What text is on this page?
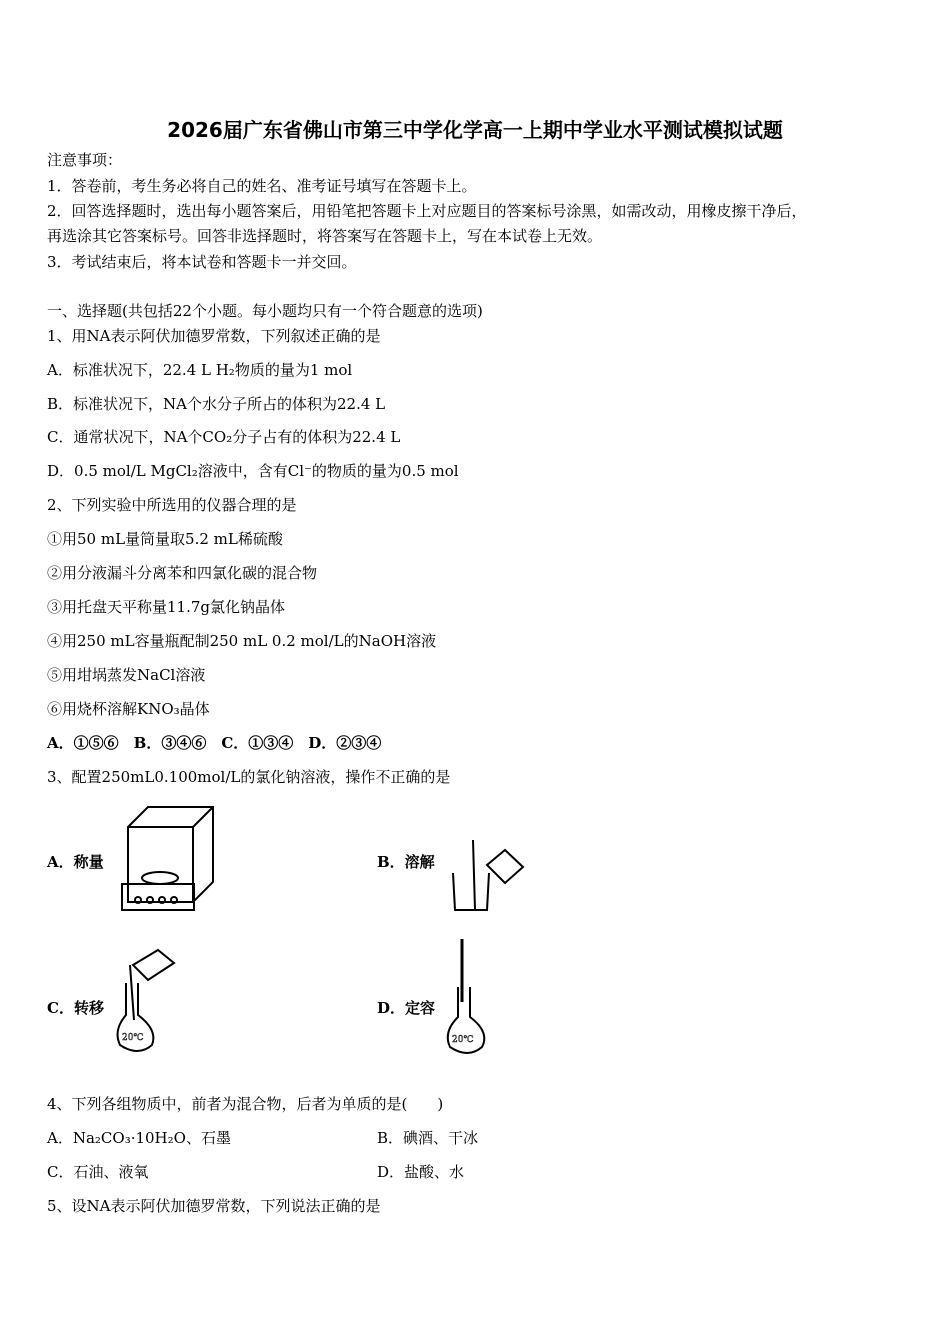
2026届广东省佛山市第三中学化学高一上期中学业水平测试模拟试题
注意事项：
1．答卷前，考生务必将自己的姓名、准考证号填写在答题卡上。
2．回答选择题时，选出每小题答案后，用铅笔把答题卡上对应题目的答案标号涂黑，如需改动，用橡皮擦干净后，
再选涂其它答案标号。回答非选择题时，将答案写在答题卡上，写在本试卷上无效。
3．考试结束后，将本试卷和答题卡一并交回。
一、选择题(共包括22个小题。每小题均只有一个符合题意的选项)
1、用NA表示阿伏加德罗常数，下列叙述正确的是
A．标准状况下，22.4 L H₂物质的量为1 mol
B．标准状况下，NA个水分子所占的体积为22.4 L
C．通常状况下，NA个CO₂分子占有的体积为22.4 L
D．0.5 mol/L MgCl₂溶液中，含有Cl⁻的物质的量为0.5 mol
2、下列实验中所选用的仪器合理的是
①用50 mL量筒量取5.2 mL稀硫酸
②用分液漏斗分离苯和四氯化碳的混合物
③用托盘天平称量11.7g氯化钠晶体
④用250 mL容量瓶配制250 mL 0.2 mol/L的NaOH溶液
⑤用坩埚蒸发NaCl溶液
⑥用烧杯溶解KNO₃晶体
A．①⑤⑥　B．③④⑥　C．①③④　D．②③④
3、配置250mL0.100mol/L的氯化钠溶液，操作不正确的是
A．称量	B．溶解
C．转移	D．定容
20℃	20℃
4、下列各组物质中，前者为混合物，后者为单质的是(　　)
A．Na₂CO₃·10H₂O、石墨	B．碘酒、干冰
C．石油、液氧	D．盐酸、水
5、设NA表示阿伏加德罗常数，下列说法正确的是
